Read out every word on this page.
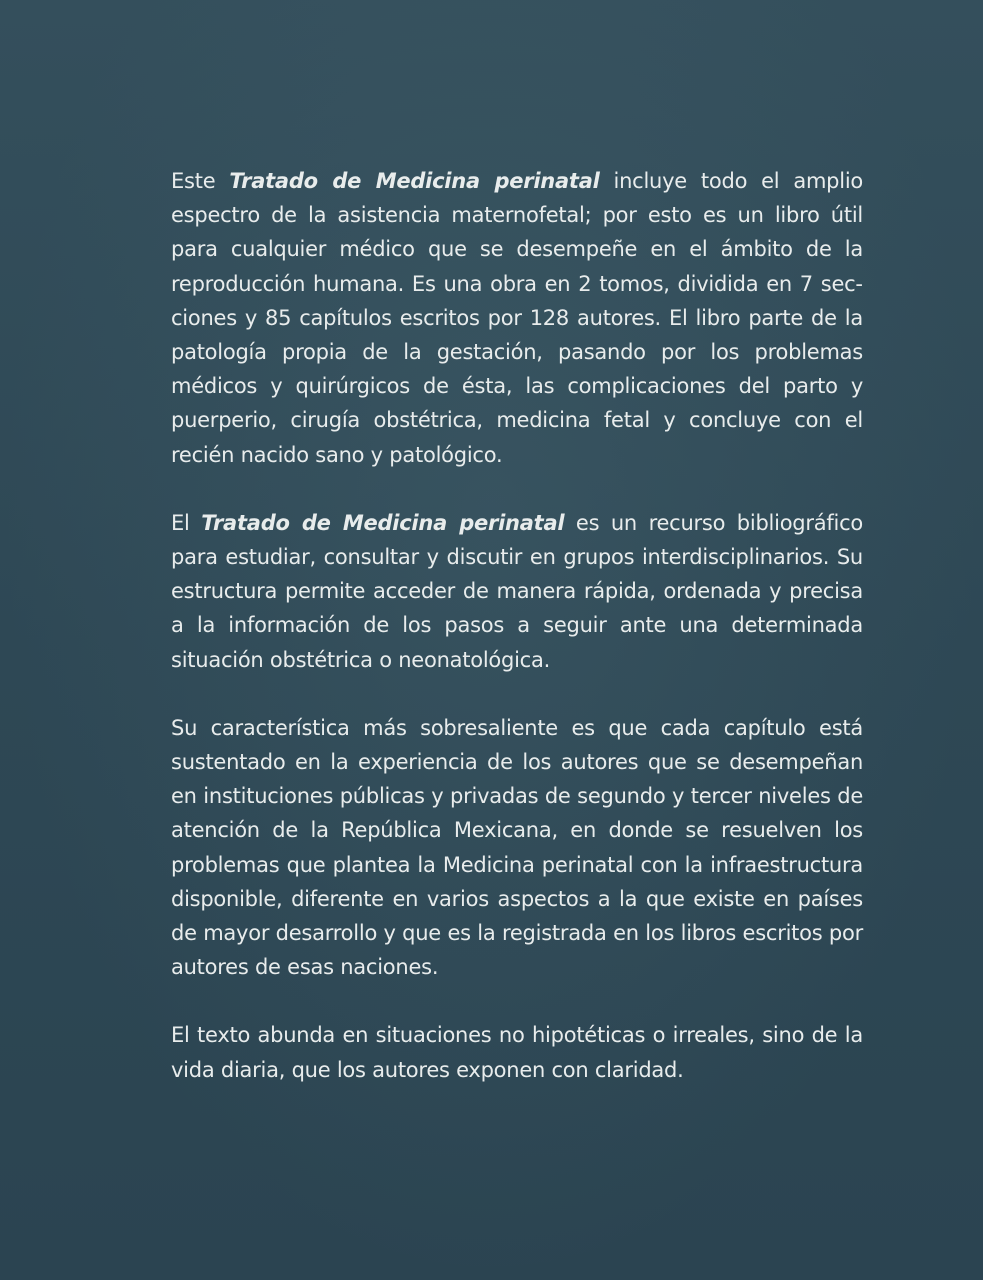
Este Tratado de Medicina perinatal incluye todo el amplio espectro de la asistencia maternofetal; por esto es un libro útil para cualquier médico que se desempeñe en el ámbito de la reproducción humana. Es una obra en 2 tomos, dividida en 7 secciones y 85 capítulos escritos por 128 autores. El libro parte de la patología propia de la gestación, pasando por los problemas médicos y quirúrgicos de ésta, las complicaciones del parto y puerperio, cirugía obstétrica, medicina fetal y concluye con el recién nacido sano y patológico.

El Tratado de Medicina perinatal es un recurso bibliográfico para estudiar, consultar y discutir en grupos interdisciplinarios. Su estructura permite acceder de manera rápida, ordenada y precisa a la información de los pasos a seguir ante una determinada situación obstétrica o neonatológica.

Su característica más sobresaliente es que cada capítulo está sustentado en la experiencia de los autores que se desempeñan en instituciones públicas y privadas de segundo y tercer niveles de atención de la República Mexicana, en donde se resuelven los problemas que plantea la Medicina perinatal con la infraestructura disponible, diferente en varios aspectos a la que existe en países de mayor desarrollo y que es la registrada en los libros escritos por autores de esas naciones.

El texto abunda en situaciones no hipotéticas o irreales, sino de la vida diaria, que los autores exponen con claridad.
